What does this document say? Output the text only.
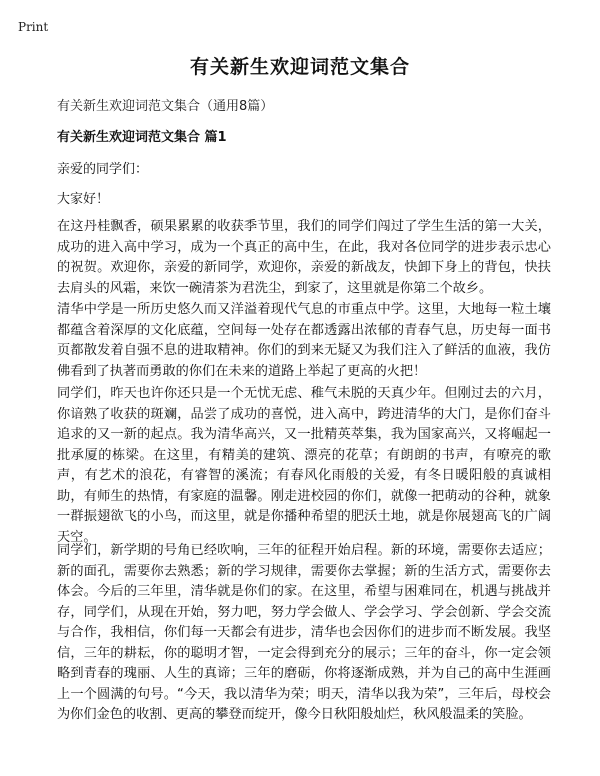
Print
有关新生欢迎词范文集合
有关新生欢迎词范文集合（通用8篇）
有关新生欢迎词范文集合 篇1
亲爱的同学们：
大家好！

在这丹桂飘香，硕果累累的收获季节里，我们的同学们闯过了学生生活的第一大关，成功的进入高中学习，成为一个真正的高中生，在此，我对各位同学的进步表示忠心的祝贺。欢迎你，亲爱的新同学，欢迎你，亲爱的新战友，快卸下身上的背包，快扶去肩头的风霜，来饮一碗清茶为君洗尘，到家了，这里就是你第二个故乡。

清华中学是一所历史悠久而又洋溢着现代气息的市重点中学。这里，大地每一粒土壤都蕴含着深厚的文化底蕴，空间每一处存在都透露出浓郁的青春气息，历史每一面书页都散发着自强不息的进取精神。你们的到来无疑又为我们注入了鲜活的血液，我仿佛看到了执著而勇敢的你们在未来的道路上举起了更高的火把！

同学们，昨天也许你还只是一个无忧无虑、稚气未脱的天真少年。但刚过去的六月，你谙熟了收获的斑斓，品尝了成功的喜悦，进入高中，跨进清华的大门，是你们奋斗追求的又一新的起点。我为清华高兴，又一批精英萃集，我为国家高兴，又将崛起一批承厦的栋梁。在这里，有精美的建筑、漂亮的花草；有朗朗的书声，有嘹亮的歌声，有艺术的浪花，有睿智的溪流；有春风化雨般的关爱，有冬日暖阳般的真诚相助，有师生的热情，有家庭的温馨。刚走进校园的你们，就像一把萌动的谷种，就象一群振翅欲飞的小鸟，而这里，就是你播种希望的肥沃土地，就是你展翅高飞的广阔天空。

同学们，新学期的号角已经吹响，三年的征程开始启程。新的环境，需要你去适应；新的面孔，需要你去熟悉；新的学习规律，需要你去掌握；新的生活方式，需要你去体会。今后的三年里，清华就是你们的家。在这里，希望与困难同在，机遇与挑战并存，同学们，从现在开始，努力吧，努力学会做人、学会学习、学会创新、学会交流与合作，我相信，你们每一天都会有进步，清华也会因你们的进步而不断发展。我坚信，三年的耕耘，你的聪明才智，一定会得到充分的展示；三年的奋斗，你一定会领略到青春的瑰丽、人生的真谛；三年的磨砺，你将逐渐成熟，并为自己的高中生涯画上一个圆满的句号。“今天，我以清华为荣；明天，清华以我为荣”，三年后，母校会为你们金色的收割、更高的攀登而绽开，像今日秋阳般灿烂，秋风般温柔的笑脸。
